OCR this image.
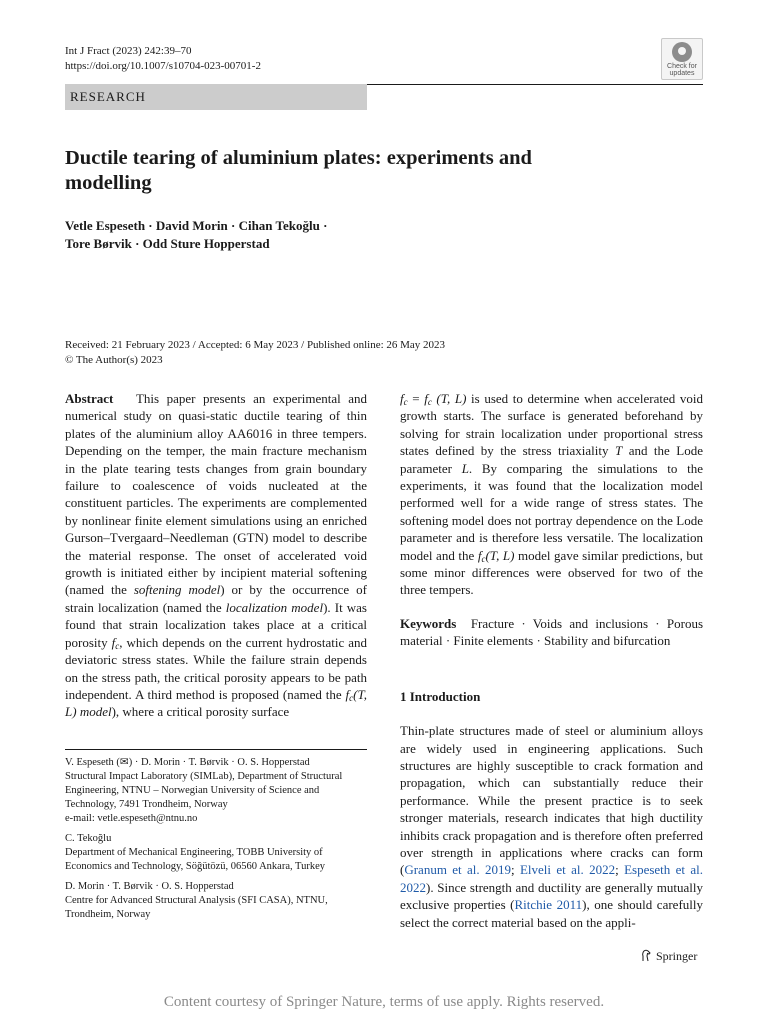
Int J Fract (2023) 242:39–70
https://doi.org/10.1007/s10704-023-00701-2	Check for updates
RESEARCH
Ductile tearing of aluminium plates: experiments and modelling
Vetle Espeseth · David Morin · Cihan Tekoğlu ·
Tore Børvik · Odd Sture Hopperstad
Received: 21 February 2023 / Accepted: 6 May 2023 / Published online: 26 May 2023
© The Author(s) 2023

Abstract This paper presents an experimental and numerical study on quasi-static ductile tearing of thin plates of the aluminium alloy AA6016 in three tempers. Depending on the temper, the main fracture mechanism in the plate tearing tests changes from grain boundary failure to coalescence of voids nucleated at the constituent particles. The experiments are complemented by nonlinear finite element simulations using an enriched Gurson–Tvergaard–Needleman (GTN) model to describe the material response. The onset of accelerated void growth is initiated either by incipient material softening (named the softening model) or by the occurrence of strain localization (named the localization model). It was found that strain localization takes place at a critical porosity $f_c$, which depends on the current hydrostatic and deviatoric stress states. While the failure strain depends on the stress path, the critical porosity appears to be path independent. A third method is proposed (named the $f_c(T$, L) model), where a critical porosity surface

V. Espeseth (✉) · D. Morin · T. Børvik · O. S. Hopperstad
Structural Impact Laboratory (SIMLab), Department of Structural Engineering, NTNU – Norwegian University of Science and Technology, 7491 Trondheim, Norway
e-mail: vetle.espeseth@ntnu.no
C. Tekoğlu
Department of Mechanical Engineering, TOBB University of Economics and Technology, Söğütözü, 06560 Ankara, Turkey
D. Morin · T. Børvik · O. S. Hopperstad
Centre for Advanced Structural Analysis (SFI CASA), NTNU, Trondheim, Norway

$f_c = f_c$ (T, L) is used to determine when accelerated void growth starts. The surface is generated beforehand by solving for strain localization under proportional stress states defined by the stress triaxiality T and the Lode parameter L. By comparing the simulations to the experiments, it was found that the localization model performed well for a wide range of stress states. The softening model does not portray dependence on the Lode parameter and is therefore less versatile. The localization model and the $f_c(T$, L) model gave similar predictions, but some minor differences were observed for two of the three tempers.

Keywords Fracture · Voids and inclusions · Porous material · Finite elements · Stability and bifurcation

1 Introduction

Thin-plate structures made of steel or aluminium alloys are widely used in engineering applications. Such structures are highly susceptible to crack formation and propagation, which can substantially reduce their performance. While the present practice is to seek stronger materials, research indicates that high ductility inhibits crack propagation and is therefore often preferred over strength in applications where cracks can form (Granum et al. 2019; Elveli et al. 2022; Espeseth et al. 2022). Since strength and ductility are generally mutually exclusive properties (Ritchie 2011), one should carefully select the correct material based on the appli-

Springer
Content courtesy of Springer Nature, terms of use apply. Rights reserved.
